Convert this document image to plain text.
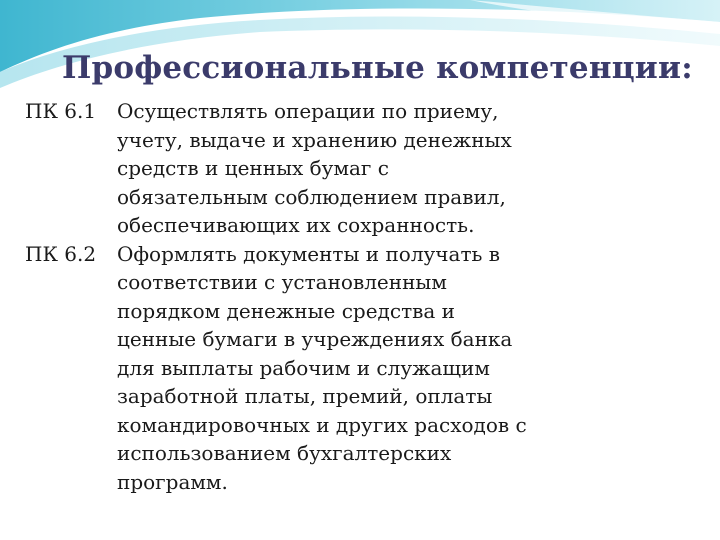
Профессиональные компетенции:
ПК 6.1 Осуществлять операции по приему, учету, выдаче и хранению денежных средств и ценных бумаг с обязательным соблюдением правил, обеспечивающих их сохранность.

ПК 6.2 Оформлять документы и получать в соответствии с установленным порядком денежные средства и ценные бумаги в учреждениях банка для выплаты рабочим и служащим заработной платы, премий, оплаты командировочных и других расходов с использованием бухгалтерских программ.
